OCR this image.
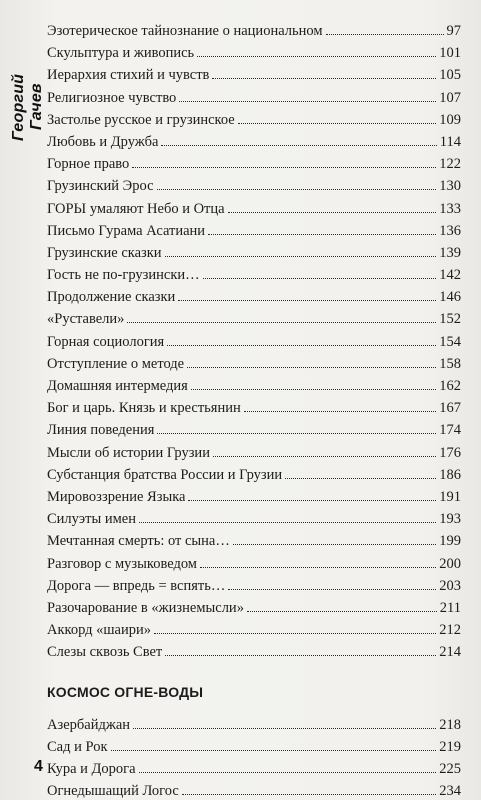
Георгий Гачев
Эзотерическое тайнознание о национальном	97
Скульптура и живопись	101
Иерархия стихий и чувств	105
Религиозное чувство	107
Застолье русское и грузинское	109
Любовь и Дружба	114
Горное право	122
Грузинский Эрос	130
ГОРЫ умаляют Небо и Отца	133
Письмо Гурама Асатиани	136
Грузинские сказки	139
Гость не по-грузински…	142
Продолжение сказки	146
«Руставели»	152
Горная социология	154
Отступление о методе	158
Домашняя интермедия	162
Бог и царь. Князь и крестьянин	167
Линия поведения	174
Мысли об истории Грузии	176
Субстанция братства России и Грузии	186
Мировоззрение Языка	191
Силуэты имен	193
Мечтанная смерть: от сына…	199
Разговор с музыковедом	200
Дорога — впредь = вспять…	203
Разочарование в «жизнемысли»	211
Аккорд «шаири»	212
Слезы сквозь Свет	214
КОСМОС ОГНЕ-ВОДЫ
Азербайджан	218
Сад и Рок	219
Кура и Дорога	225
Огнедышащий Логос	234
4
